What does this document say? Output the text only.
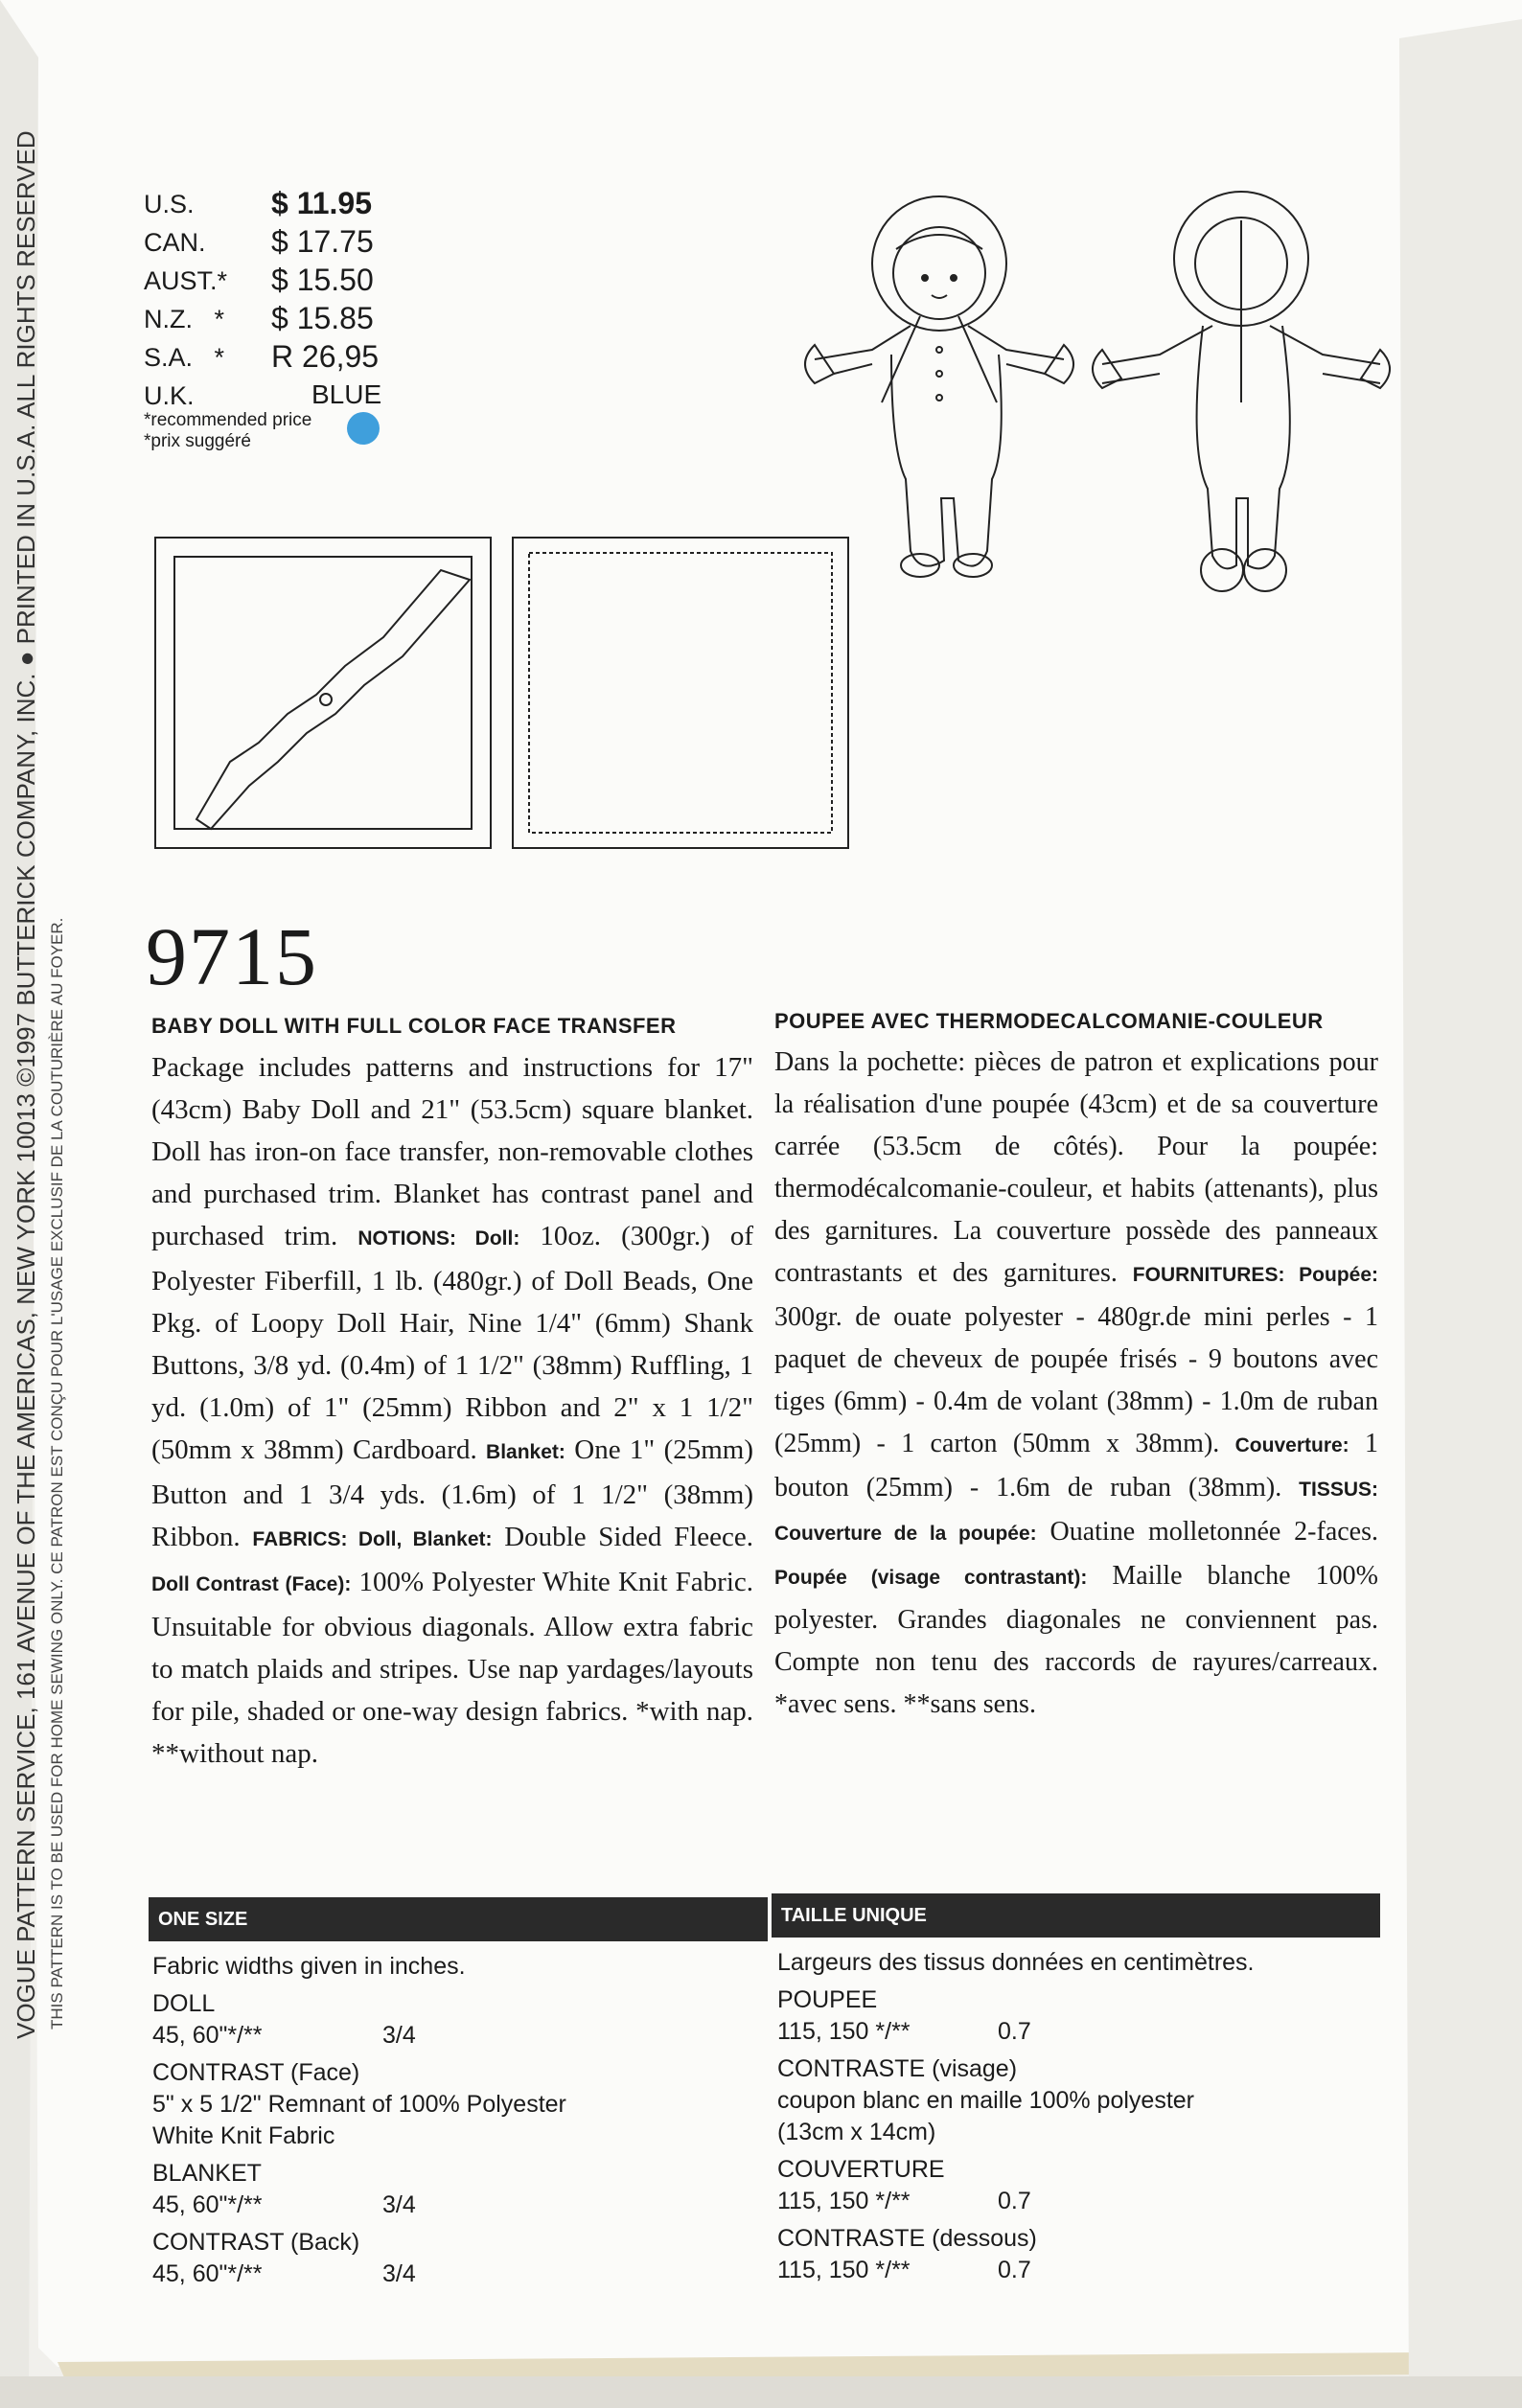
VOGUE PATTERN SERVICE, 161 AVENUE OF THE AMERICAS, NEW YORK 10013 ©1997 BUTTERICK COMPANY, INC. ● PRINTED IN U.S.A. ALL RIGHTS RESERVED THIS PATTERN IS TO BE USED FOR HOME SEWING ONLY. CE PATRON EST CONÇU POUR L'USAGE EXCLUSIF DE LA COUTURIÈRE AU FOYER.
U.S.	$ 11.95
CAN. $ 17.75
AUST.* $ 15.50
N.Z. * $ 15.85
S.A. * R 26,95
U.K.	BLUE
*recommended price
*prix suggéré
9715
BABY DOLL WITH FULL COLOR FACE TRANSFER
Package includes patterns and instructions for 17" (43cm) Baby Doll and 21" (53.5cm) square blanket. Doll has iron-on face transfer, non-removable clothes and purchased trim. Blanket has contrast panel and purchased trim. NOTIONS: Doll: 10oz. (300gr.) of Polyester Fiberfill, 1 lb. (480gr.) of Doll Beads, One Pkg. of Loopy Doll Hair, Nine 1/4" (6mm) Shank Buttons, 3/8 yd. (0.4m) of 1 1/2" (38mm) Ruffling, 1 yd. (1.0m) of 1" (25mm) Ribbon and 2" x 1 1/2" (50mm x 38mm) Cardboard. Blanket: One 1" (25mm) Button and 1 3/4 yds. (1.6m) of 1 1/2" (38mm) Ribbon. FABRICS: Doll, Blanket: Double Sided Fleece. Doll Contrast (Face): 100% Polyester White Knit Fabric. Unsuitable for obvious diagonals. Allow extra fabric to match plaids and stripes. Use nap yardages/layouts for pile, shaded or one-way design fabrics. *with nap. **without nap.
POUPEE AVEC THERMODECALCOMANIE-COULEUR
Dans la pochette: pièces de patron et explications pour la réalisation d'une poupée (43cm) et de sa couverture carrée (53.5cm de côtés). Pour la poupée: thermodécalcomanie-couleur, et habits (attenants), plus des garnitures. La couverture possède des panneaux contrastants et des garnitures. FOURNITURES: Poupée: 300gr. de ouate polyester - 480gr.de mini perles - 1 paquet de cheveux de poupée frisés - 9 boutons avec tiges (6mm) - 0.4m de volant (38mm) - 1.0m de ruban (25mm) - 1 carton (50mm x 38mm). Couverture: 1 bouton (25mm) - 1.6m de ruban (38mm). TISSUS: Couverture de la poupée: Ouatine molletonnée 2-faces. Poupée (visage contrastant): Maille blanche 100% polyester. Grandes diagonales ne conviennent pas. Compte non tenu des raccords de rayures/carreaux. *avec sens. **sans sens.
ONE SIZE
Fabric widths given in inches.
DOLL
45, 60"*/**	3/4
CONTRAST (Face)
5" x 5 1/2" Remnant of 100% Polyester
White Knit Fabric
BLANKET
45, 60"*/**	3/4
CONTRAST (Back)
45, 60"*/**	3/4
TAILLE UNIQUE
Largeurs des tissus données en centimètres.
POUPEE
115, 150 */**	0.7
CONTRASTE (visage)
coupon blanc en maille 100% polyester
(13cm x 14cm)
COUVERTURE
115, 150 */**	0.7
CONTRASTE (dessous)
115, 150 */**	0.7
